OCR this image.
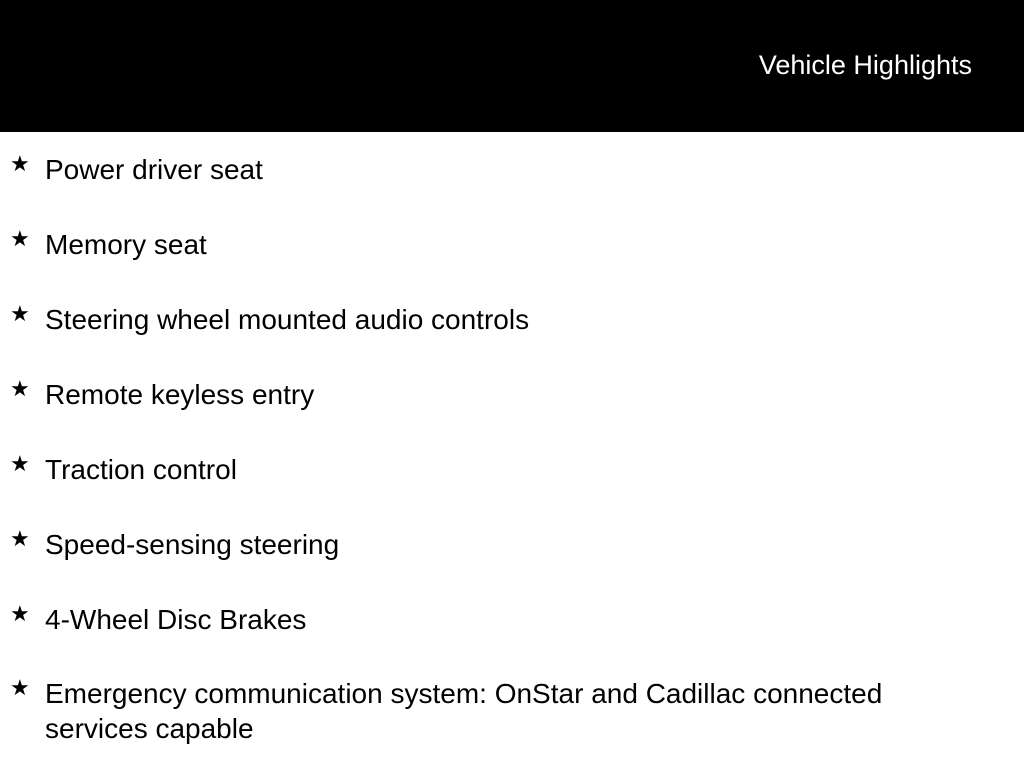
Vehicle Highlights
★ Power driver seat
★ Memory seat
★ Steering wheel mounted audio controls
★ Remote keyless entry
★ Traction control
★ Speed-sensing steering
★ 4-Wheel Disc Brakes
★ Emergency communication system: OnStar and Cadillac connected services capable
